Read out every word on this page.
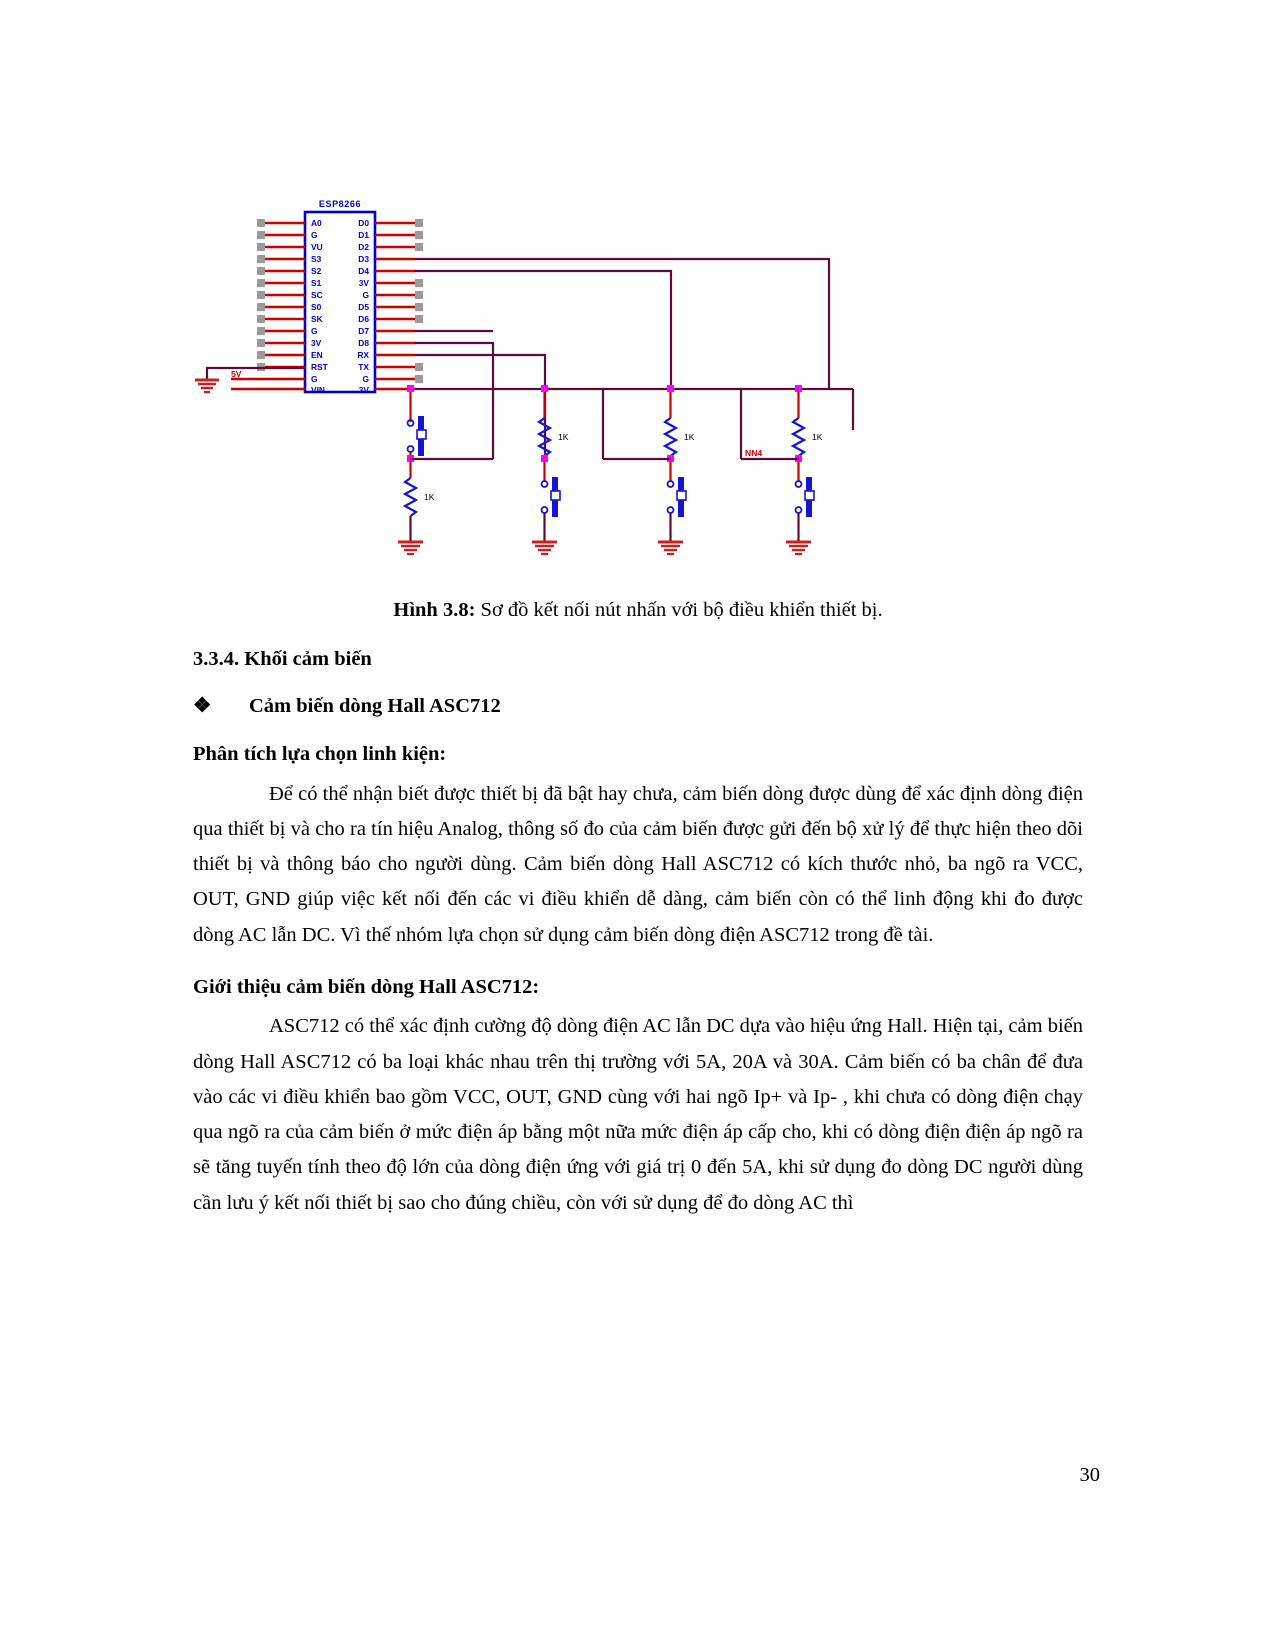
ESP8266
A0
G
VU
S3
S2
S1
SC
S0
SK
G
3V
EN
RST
G
VIN
D0
D1
D2
D3
D4
3V
G
D5
D6
D7
D8
RX
TX
G
3V
5V
1K
1K	1K	1K
NN4
Hình 3.8: Sơ đồ kết nối nút nhấn với bộ điều khiển thiết bị.
3.3.4. Khối cảm biến
❖	Cảm biến dòng Hall ASC712
Phân tích lựa chọn linh kiện:

Để có thể nhận biết được thiết bị đã bật hay chưa, cảm biến dòng được dùng để xác định dòng điện qua thiết bị và cho ra tín hiệu Analog, thông số đo của cảm biến được gửi đến bộ xử lý để thực hiện theo dõi thiết bị và thông báo cho người dùng. Cảm biến dòng Hall ASC712 có kích thước nhỏ, ba ngõ ra VCC, OUT, GND giúp việc kết nối đến các vi điều khiển dễ dàng, cảm biến còn có thể linh động khi đo được dòng AC lẫn DC. Vì thế nhóm lựa chọn sử dụng cảm biến dòng điện ASC712 trong đề tài.

Giới thiệu cảm biến dòng Hall ASC712:

ASC712 có thể xác định cường độ dòng điện AC lẫn DC dựa vào hiệu ứng Hall. Hiện tại, cảm biến dòng Hall ASC712 có ba loại khác nhau trên thị trường với 5A, 20A và 30A. Cảm biến có ba chân để đưa vào các vi điều khiển bao gồm VCC, OUT, GND cùng với hai ngõ Ip+ và Ip- , khi chưa có dòng điện chạy qua ngõ ra của cảm biến ở mức điện áp bằng một nữa mức điện áp cấp cho, khi có dòng điện điện áp ngõ ra sẽ tăng tuyến tính theo độ lớn của dòng điện ứng với giá trị 0 đến 5A, khi sử dụng đo dòng DC người dùng cần lưu ý kết nối thiết bị sao cho đúng chiều, còn với sử dụng để đo dòng AC thì

30
